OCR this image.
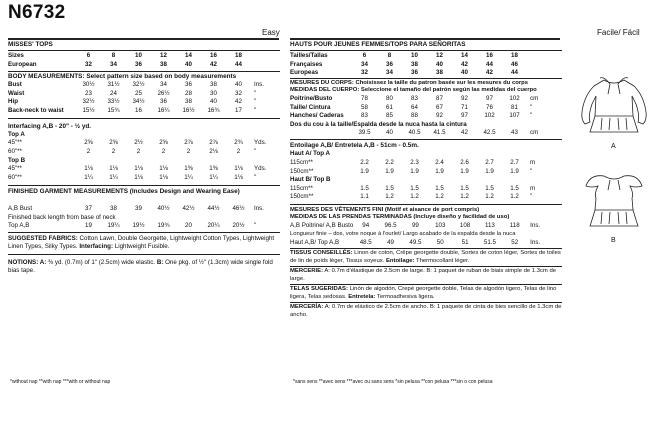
N6732
Easy	Facile/ Fácil
MISSES' TOPS
Sizes	6	8	10	12	14	16	18	
European	32	34	36	38	40	42	44	
BODY MEASUREMENTS: Select pattern size based on body measurements
Bust	30½	31½	32½	34	36	38	40	Ins.
Waist	23	24	25	26½	28	30	32	"
Hip	32½	33½	34½	36	38	40	42	"
Back-neck to waist	15½	15¾	16	16¼	16½	16¾	17	"
Interfacing A,B - 20" - ½ yd.
Top A								
45"**	2⅝	2⅝	2½	2⅝	2⅞	2⅞	2¾	Yds.
60"**	2	2	2	2	2	2⅛	2	"
Top B								
45"**	1⅛	1⅛	1⅛	1⅛	1⅜	1⅜	1⅛	Yds.
60"**	1¼	1¼	1⅛	1⅛	1¼	1¼	1⅛	"
FINISHED GARMENT MEASUREMENTS (Includes Design and Wearing Ease)
A,B Bust	37	38	39	40½	42½	44½	46½	Ins.
Finished back length from base of neck								
Top A,B	19	19¼	19½	19¾	20	20¼	20½	"
SUGGESTED FABRICS: Cotton Lawn, Double Georgette, Lightweight Cotton Types, Lightweight Linen Types, Silky Types. Interfacing: Lightweight Fusible.
NOTIONS: A: ⅜ yd. (0.7m) of 1" (2.5cm) wide elastic. B: One pkg. of ½" (1.3cm) wide single fold bias tape.
*without nap **with nap ***with or without nap
HAUTS POUR JEUNES FEMMES/TOPS PARA SEÑORITAS
Tailles/Tallas	6	8	10	12	14	16	18	
Françaises	34	36	38	40	42	44	46	
Europeas	32	34	36	38	40	42	44	
MESURES DU CORPS: Choisissez la taille du patron basée sur les mesures du corps
MEDIDAS DEL CUERPO: Seleccione el tamaño del patrón según las medidas del cuerpo
Poitrine/Busto	78	80	83	87	92	97	102	cm
Taille/ Cintura	58	61	64	67	71	76	81	"
Hanches/ Caderas	83	85	88	92	97	102	107	"
Dos du cou à la taille/Espalda desde la nuca hasta la cintura								
	39.5	40	40.5	41.5	42	42.5	43	cm
Entoilage A,B/ Entretela A,B - 51cm - 0.5m.
Haut A/ Top A								
115cm**	2.2	2.2	2.3	2.4	2.6	2.7	2.7	m
150cm**	1.9	1.9	1.9	1.9	1.9	1.9	1.9	"
Haut B/ Top B								
115cm**	1.5	1.5	1.5	1.5	1.5	1.5	1.5	m
150cm**	1.1	1.2	1.2	1.2	1.2	1.2	1.2	"
MESURES DES VÊTEMENTS FINI (Motif et aisance de port compris)
MEDIDAS DE LAS PRENDAS TERMINADAS (Incluye diseño y facilidad de uso)
A,B Poitrine/ A,B Busto	94	96.5	99	103	108	113	118	Ins.
Longueur finie – dos, votre noque à l'ourlet/ Largo acabado de la espalda desde la nuca								
Haut A,B/ Top A,B	48.5	49	49.5	50	51	51.5	52	Ins.
TISSUS CONSEILLÉS: Linon de coton, Crêpe georgette double, Sortes de coton léger, Sortes de toiles de lin de poids léger, Tissus soyeux. Entoilage: Thermocollant léger.
MERCERIE: A: 0.7m d'élastique de 2.5cm de large. B: 1 paquet de ruban de biais simple de 1.3cm de large.
TELAS SUGERIDAS: Linón de algodón, Crepé georgette doble, Telas de algodón ligero, Telas de lino ligera, Telas sedosas. Entretela: Termoadhesiva ligera.
MERCERÍA: A: 0.7m de elástico de 2.5cm de ancho. B: 1 paquete de cinta de bies sencillo de 1.3cm de ancho.
*sans sens **avec sens ***avec ou sans sens *sin pelusa **con pelusa ***sin o con pelusa
A
B
